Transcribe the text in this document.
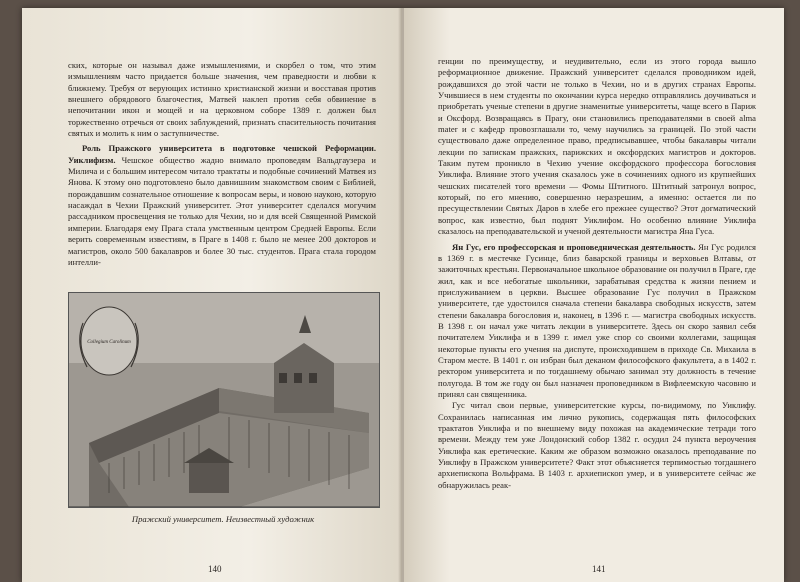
ских, которые он называл даже измышлениями, и скорбел о том, что этим измышлениям часто придается больше значения, чем праведности и любви к ближнему. Требуя от верующих истинно христианской жизни и восставая против внешнего обрядового благочестия, Матвей наклеп против себя обвинение в непочитании икон и мощей и на церковном соборе 1389 г. должен был торжественно отречься от своих заблуждений, признать спасительность почитания святых и молить к ним о заступничестве.

Роль Пражского университета в подготовке чешской Реформации. Уиклифизм. Чешское общество жадно внимало проповедям Вальдгаузера и Милича и с большим интересом читало трактаты и подобные сочинений Матвея из Янова. К этому оно подготовлено было давнишним знакомством своим с Библией, порождавшим сознательное отношение к вопросам веры, и новою наукою, которую насаждал в Чехии Пражский университет. Этот университет сделался могучим рассадником просвещения не только для Чехии, но и для всей Священной Римской империи. Благодаря ему Прага стала умственным центром Средней Европы. Если верить современным известиям, в Праге в 1408 г. было не менее 200 докторов и магистров, около 500 бакалавров и более 30 тыс. студентов. Прага стала городом интелли-

Collegium Carolinum
Пражский университет. Неизвестный художник
140

генции по преимуществу, и неудивительно, если из этого города вышло реформационное движение. Пражский университет сделался проводником идей, рождавшихся до этой части не только в Чехии, но и в других странах Европы. Учившиеся в нем студенты по окончании курса нередко отправлялись доучиваться и приобретать ученые степени в другие знаменитые университеты, чаще всего в Париж и Оксфорд. Возвращаясь в Прагу, они становились преподавателями в своей alma mater и с кафедр провозглашали то, чему научились за границей. По этой части существовало даже определенное право, предписывавшее, чтобы бакалавры читали лекции по запискам пражских, парижских и оксфордских магистров и докторов. Таким путем проникло в Чехию учение оксфордского профессора богословия Уиклифа. Влияние этого учения сказалось уже в сочинениях одного из крупнейших чешских писателей того времени — Фомы Штитного. Штитный затронул вопрос, который, по его мнению, совершенно неразрешим, а именно: остается ли по пресуществлении Святых Даров в хлебе его прежнее существо? Этот догматический вопрос, как известно, был поднят Уиклифом. Но особенно влияние Уиклифа сказалось на преподавательской и ученой деятельности магистра Яна Гуса.

Ян Гус, его профессорская и проповедническая деятельность. Ян Гус родился в 1369 г. в местечке Гусинце, близ баварской границы и верховьев Влтавы, от зажиточных крестьян. Первоначальное школьное образование он получил в Праге, где жил, как и все небогатые школьники, зарабатывая средства к жизни пением и прислуживанием в церкви. Высшее образование Гус получил в Пражском университете, где удостоился сначала степени бакалавра свободных искусств, затем степени бакалавра богословия и, наконец, в 1396 г. — магистра свободных искусств. В 1398 г. он начал уже читать лекции в университете. Здесь он скоро заявил себя почитателем Уиклифа и в 1399 г. имел уже спор со своими коллегами, защищая некоторые пункты его учения на диспуте, происходившем в приходе Св. Михаила в Старом месте. В 1401 г. он избран был деканом философского факультета, а в 1402 г. ректором университета и по тогдашнему обычаю занимал эту должность в течение полугода. В том же году он был назначен проповедником в Вифлеемскую часовню и принял сан священника.

Гус читал свои первые, университетские курсы, по-видимому, по Уиклифу. Сохранилась написанная им лично рукопись, содержащая пять философских трактатов Уиклифа и по внешнему виду похожая на академические тетради того времени. Между тем уже Лондонский собор 1382 г. осудил 24 пункта вероучения Уиклифа как еретические. Каким же образом возможно оказалось преподавание по Уиклифу в Пражском университете? Факт этот объясняется терпимостью тогдашнего архиепископа Вольфрама. В 1403 г. архиепископ умер, и в университете сейчас же обнаружилась реак-

141
